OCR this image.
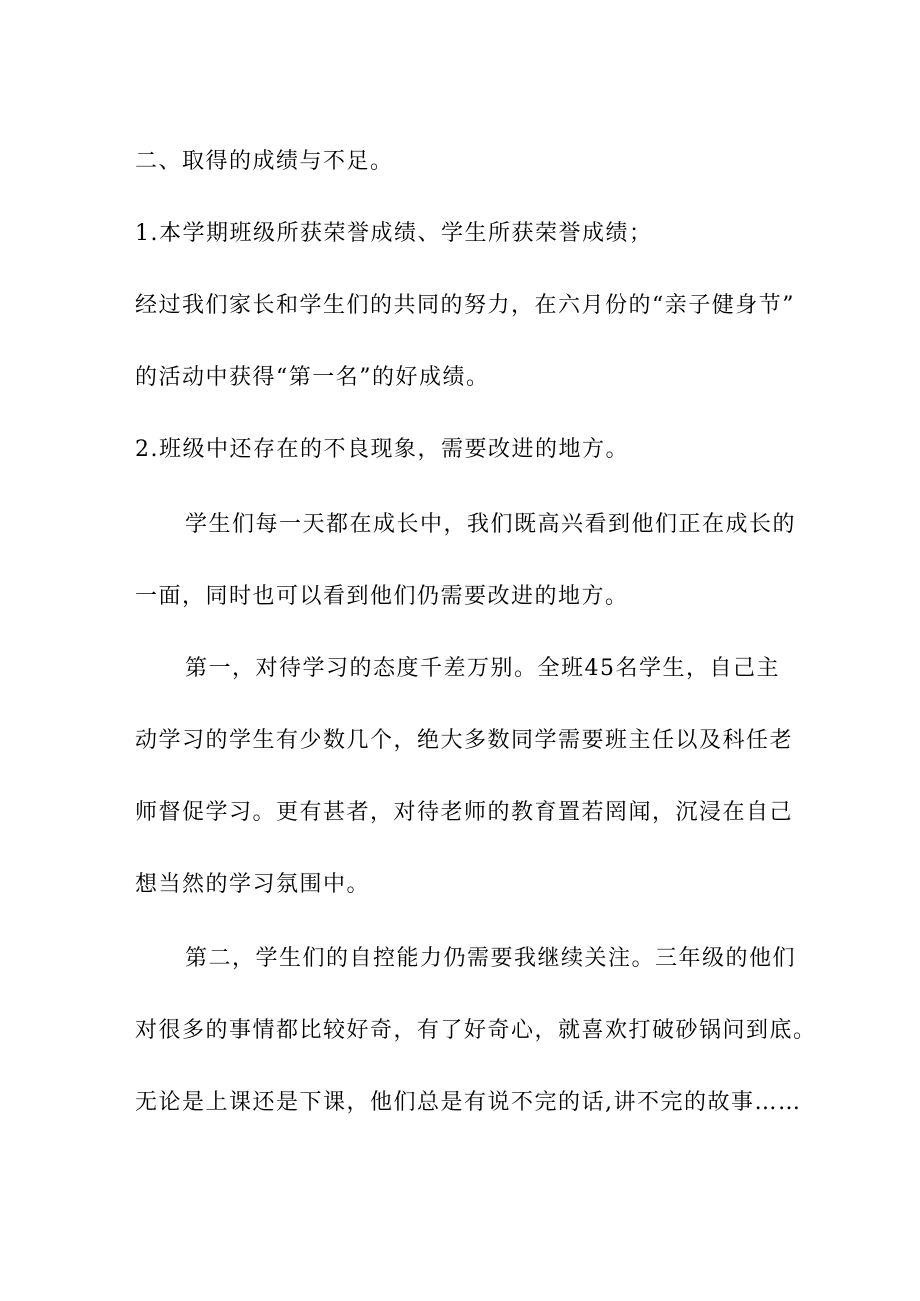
二、取得的成绩与不足。
1.本学期班级所获荣誉成绩、学生所获荣誉成绩；
经过我们家长和学生们的共同的努力，在六月份的“亲子健身节”
的活动中获得“第一名”的好成绩。
2.班级中还存在的不良现象，需要改进的地方。
学生们每一天都在成长中，我们既高兴看到他们正在成长的
一面，同时也可以看到他们仍需要改进的地方。
第一，对待学习的态度千差万别。全班45名学生，自己主
动学习的学生有少数几个，绝大多数同学需要班主任以及科任老
师督促学习。更有甚者，对待老师的教育置若罔闻，沉浸在自己
想当然的学习氛围中。
第二，学生们的自控能力仍需要我继续关注。三年级的他们
对很多的事情都比较好奇，有了好奇心，就喜欢打破砂锅问到底。
无论是上课还是下课，他们总是有说不完的话,讲不完的故事……
